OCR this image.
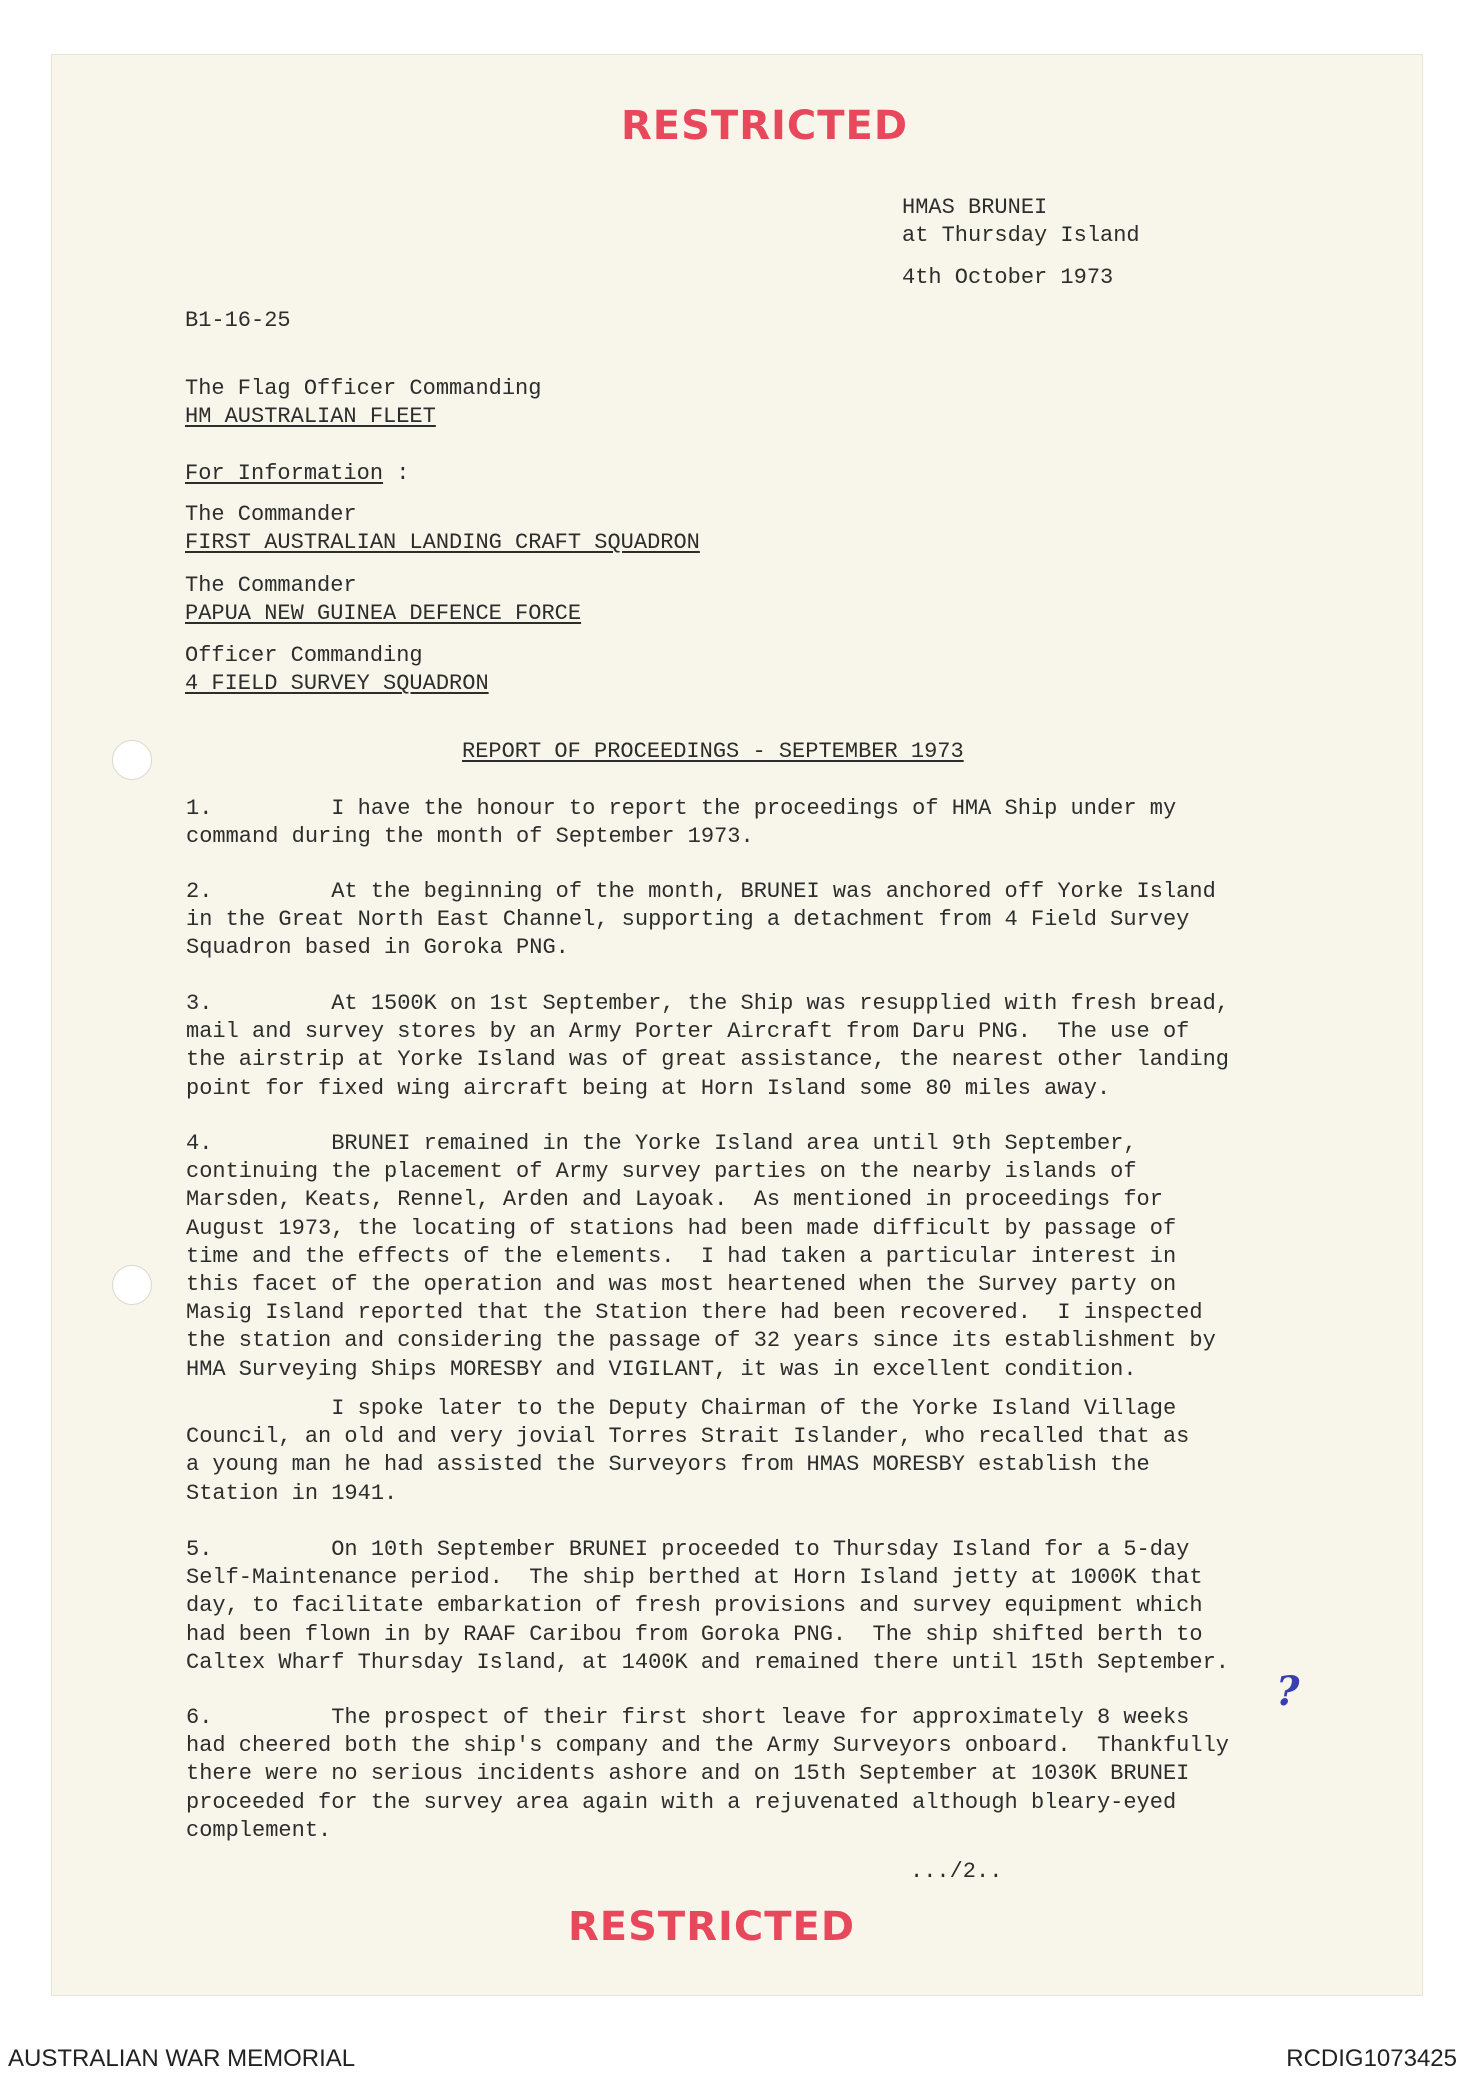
RESTRICTED

HMAS BRUNEI

at Thursday Island

4th October 1973

B1-16-25

The Flag Officer Commanding

HM AUSTRALIAN FLEET

For Information :

The Commander

FIRST AUSTRALIAN LANDING CRAFT SQUADRON

The Commander

PAPUA NEW GUINEA DEFENCE FORCE

Officer Commanding

4 FIELD SURVEY SQUADRON

REPORT OF PROCEEDINGS - SEPTEMBER 1973

1.         I have the honour to report the proceedings of HMA Ship under my
command during the month of September 1973.

2.         At the beginning of the month, BRUNEI was anchored off Yorke Island
in the Great North East Channel, supporting a detachment from 4 Field Survey
Squadron based in Goroka PNG.

3.         At 1500K on 1st September, the Ship was resupplied with fresh bread,
mail and survey stores by an Army Porter Aircraft from Daru PNG.  The use of
the airstrip at Yorke Island was of great assistance, the nearest other landing
point for fixed wing aircraft being at Horn Island some 80 miles away.

4.         BRUNEI remained in the Yorke Island area until 9th September,
continuing the placement of Army survey parties on the nearby islands of
Marsden, Keats, Rennel, Arden and Layoak.  As mentioned in proceedings for
August 1973, the locating of stations had been made difficult by passage of
time and the effects of the elements.  I had taken a particular interest in
this facet of the operation and was most heartened when the Survey party on
Masig Island reported that the Station there had been recovered.  I inspected
the station and considering the passage of 32 years since its establishment by
HMA Surveying Ships MORESBY and VIGILANT, it was in excellent condition.

I spoke later to the Deputy Chairman of the Yorke Island Village
Council, an old and very jovial Torres Strait Islander, who recalled that as
a young man he had assisted the Surveyors from HMAS MORESBY establish the
Station in 1941.

5.         On 10th September BRUNEI proceeded to Thursday Island for a 5-day
Self-Maintenance period.  The ship berthed at Horn Island jetty at 1000K that
day, to facilitate embarkation of fresh provisions and survey equipment which
had been flown in by RAAF Caribou from Goroka PNG.  The ship shifted berth to
Caltex Wharf Thursday Island, at 1400K and remained there until 15th September.

6.         The prospect of their first short leave for approximately 8 weeks
had cheered both the ship's company and the Army Surveyors onboard.  Thankfully
there were no serious incidents ashore and on 15th September at 1030K BRUNEI
proceeded for the survey area again with a rejuvenated although bleary-eyed
complement.

?

.../2..

RESTRICTED
AUSTRALIAN WAR MEMORIAL	RCDIG1073425
